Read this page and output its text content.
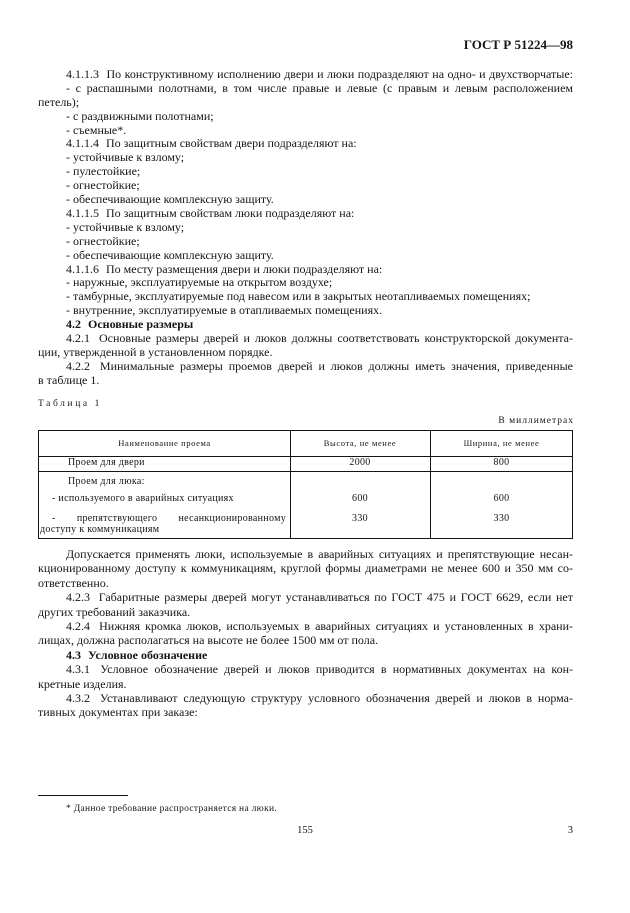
ГОСТ Р 51224—98
4.1.1.3 По конструктивному исполнению двери и люки подразделяют на одно- и двухстворчатые:
- с распашными полотнами, в том числе правые и левые (с правым и левым расположением
петель);
- с раздвижными полотнами;
- съемные*.
4.1.1.4 По защитным свойствам двери подразделяют на:
- устойчивые к взлому;
- пулестойкие;
- огнестойкие;
- обеспечивающие комплексную защиту.
4.1.1.5 По защитным свойствам люки подразделяют на:
- устойчивые к взлому;
- огнестойкие;
- обеспечивающие комплексную защиту.
4.1.1.6 По месту размещения двери и люки подразделяют на:
- наружные, эксплуатируемые на открытом воздухе;
- тамбурные, эксплуатируемые под навесом или в закрытых неотапливаемых помещениях;
- внутренние, эксплуатируемые в отапливаемых помещениях.
4.2 Основные размеры
4.2.1 Основные размеры дверей и люков должны соответствовать конструкторской документа-
ции, утвержденной в установленном порядке.
4.2.2 Минимальные размеры проемов дверей и люков должны иметь значения, приведенные
в таблице 1.
Таблица 1
В миллиметрах
Наименование проема	Высота, не менее	Ширина, не менее
Проем для двери	2000	800
Проем для люка:
- используемого в аварийных ситуациях	600	600
- препятствующего несанкционированному
доступу к коммуникациям
330	330
Допускается применять люки, используемые в аварийных ситуациях и препятствующие несан-
кционированному доступу к коммуникациям, круглой формы диаметрами не менее 600 и 350 мм со-
ответственно.
4.2.3 Габаритные размеры дверей могут устанавливаться по ГОСТ 475 и ГОСТ 6629, если нет
других требований заказчика.
4.2.4 Нижняя кромка люков, используемых в аварийных ситуациях и установленных в храни-
лищах, должна располагаться на высоте не более 1500 мм от пола.
4.3 Условное обозначение
4.3.1 Условное обозначение дверей и люков приводится в нормативных документах на кон-
кретные изделия.
4.3.2 Устанавливают следующую структуру условного обозначения дверей и люков в норма-
тивных документах при заказе:
* Данное требование распространяется на люки.
155	3
